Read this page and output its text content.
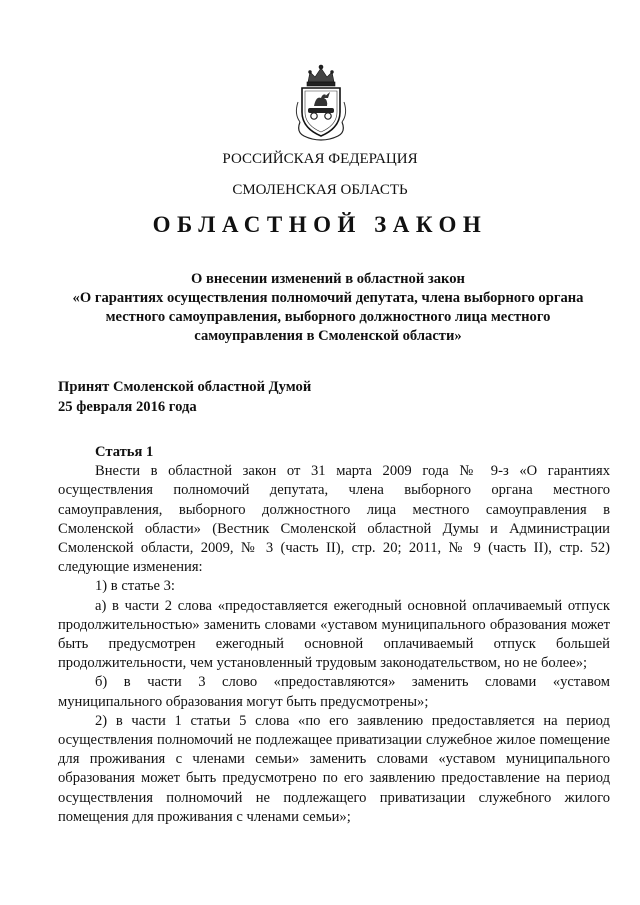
РОССИЙСКАЯ ФЕДЕРАЦИЯ
СМОЛЕНСКАЯ ОБЛАСТЬ
ОБЛАСТНОЙ ЗАКОН
О внесении изменений в областной закон
«О гарантиях осуществления полномочий депутата, члена выборного органа
местного самоуправления, выборного должностного лица местного
самоуправления в Смоленской области»
Принят Смоленской областной Думой
25 февраля 2016 года

Статья 1

Внести в областной закон от 31 марта 2009 года № 9-з «О гарантиях осуществления полномочий депутата, члена выборного органа местного самоуправления, выборного должностного лица местного самоуправления в Смоленской области» (Вестник Смоленской областной Думы и Администрации Смоленской области, 2009, № 3 (часть II), стр. 20; 2011, № 9 (часть II), стр. 52) следующие изменения:

1) в статье 3:

а) в части 2 слова «предоставляется ежегодный основной оплачиваемый отпуск продолжительностью» заменить словами «уставом муниципального образования может быть предусмотрен ежегодный основной оплачиваемый отпуск большей продолжительности, чем установленный трудовым законодательством, но не более»;

б) в части 3 слово «предоставляются» заменить словами «уставом муниципального образования могут быть предусмотрены»;

2) в части 1 статьи 5 слова «по его заявлению предоставляется на период осуществления полномочий не подлежащее приватизации служебное жилое помещение для проживания с членами семьи» заменить словами «уставом муниципального образования может быть предусмотрено по его заявлению предоставление на период осуществления полномочий не подлежащего приватизации служебного жилого помещения для проживания с членами семьи»;
